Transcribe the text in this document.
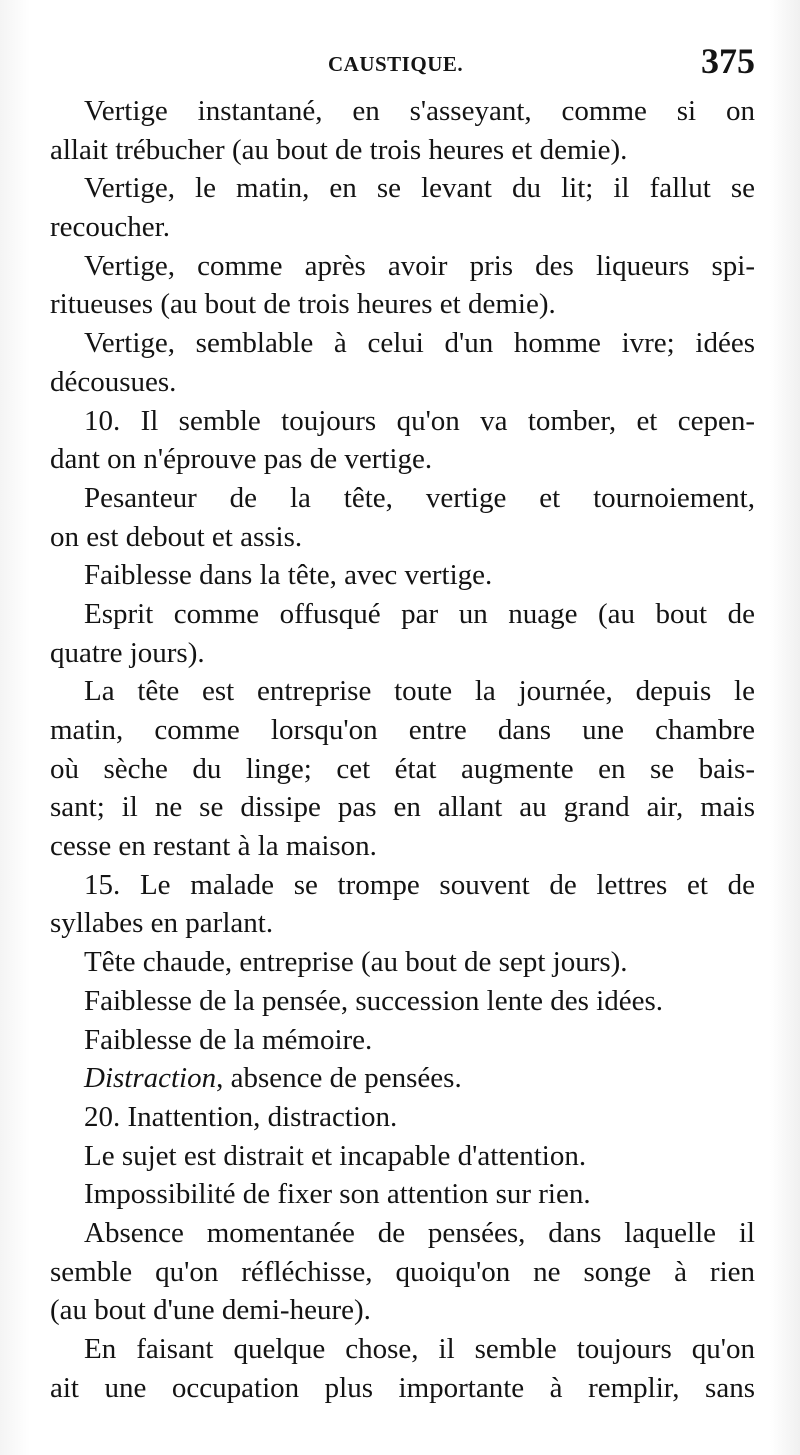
CAUSTIQUE.	375
Vertige instantané, en s'asseyant, comme si on
allait trébucher (au bout de trois heures et demie).
Vertige, le matin, en se levant du lit; il fallut se
recoucher.
Vertige, comme après avoir pris des liqueurs spi-
ritueuses (au bout de trois heures et demie).
Vertige, semblable à celui d'un homme ivre; idées
décousues.
10. Il semble toujours qu'on va tomber, et cepen-
dant on n'éprouve pas de vertige.
Pesanteur de la tête, vertige et tournoiement,
on est debout et assis.
Faiblesse dans la tête, avec vertige.
Esprit comme offusqué par un nuage (au bout de
quatre jours).
La tête est entreprise toute la journée, depuis le
matin, comme lorsqu'on entre dans une chambre
où sèche du linge; cet état augmente en se bais-
sant; il ne se dissipe pas en allant au grand air, mais
cesse en restant à la maison.
15. Le malade se trompe souvent de lettres et de
syllabes en parlant.
Tête chaude, entreprise (au bout de sept jours).
Faiblesse de la pensée, succession lente des idées.
Faiblesse de la mémoire.
Distraction, absence de pensées.
20. Inattention, distraction.
Le sujet est distrait et incapable d'attention.
Impossibilité de fixer son attention sur rien.
Absence momentanée de pensées, dans laquelle il
semble qu'on réfléchisse, quoiqu'on ne songe à rien
(au bout d'une demi-heure).
En faisant quelque chose, il semble toujours qu'on
ait une occupation plus importante à remplir, sans
